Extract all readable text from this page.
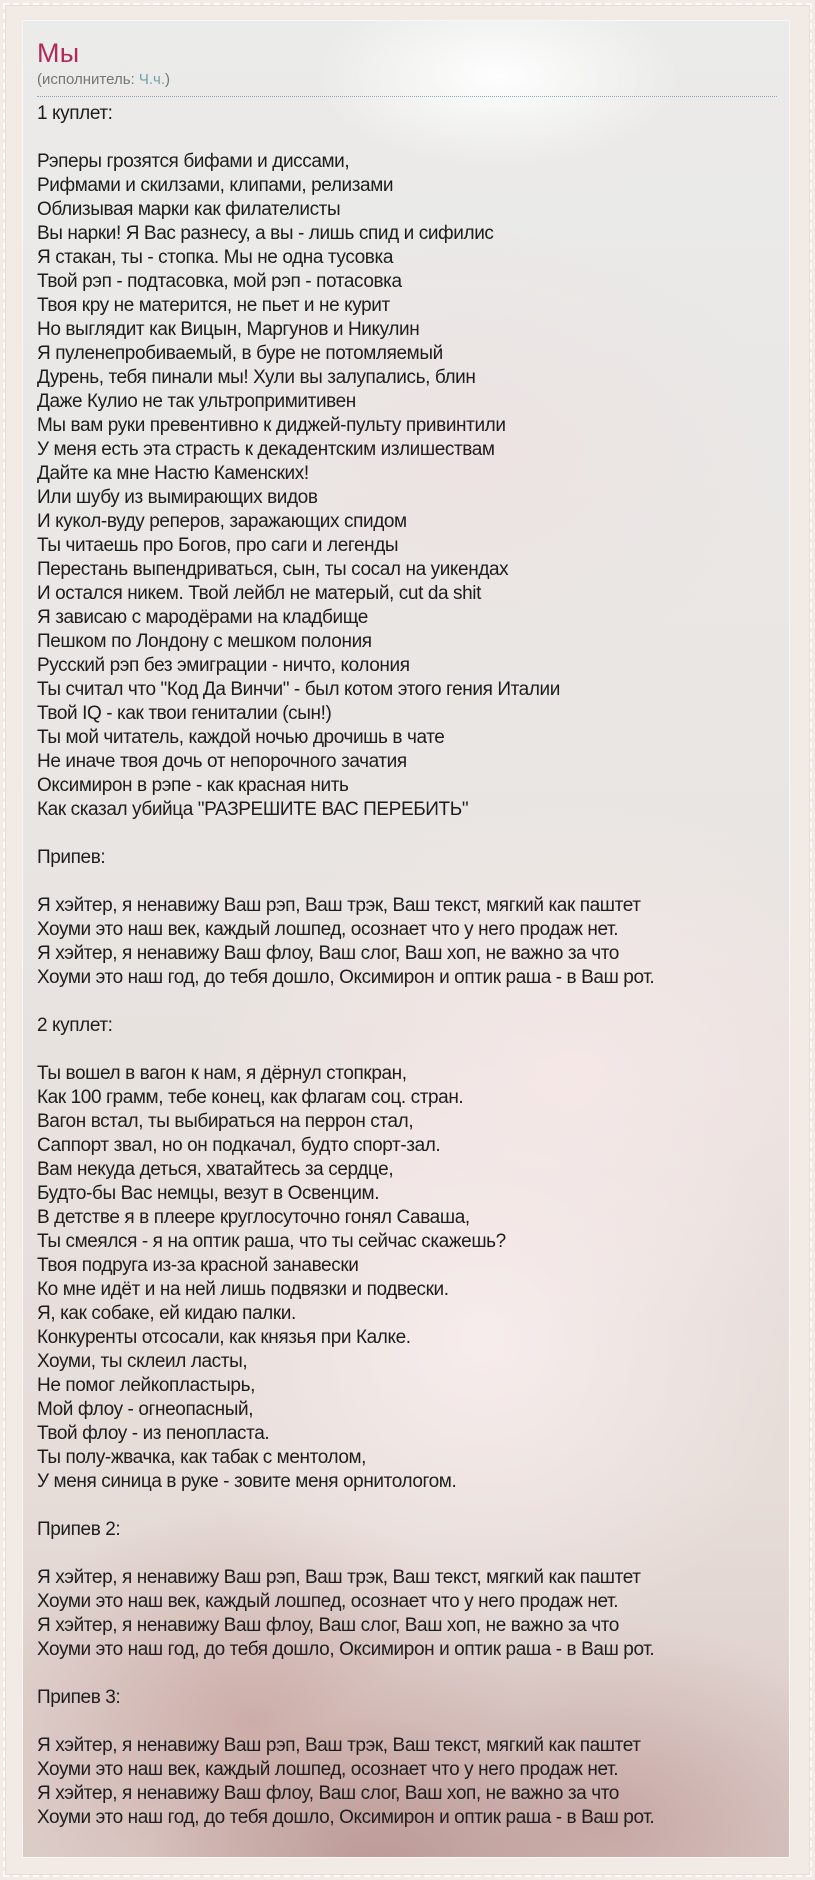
Мы
(исполнитель: Ч.ч.)
1 куплет:

Рэперы грозятся бифами и диссами,
Рифмами и скилзами, клипами, релизами
Облизывая марки как филателисты
Вы нарки! Я Вас разнесу, а вы - лишь спид и сифилис
Я стакан, ты - стопка. Мы не одна тусовка
Твой рэп - подтасовка, мой рэп - потасовка
Твоя кру не матерится, не пьет и не курит
Но выглядит как Вицын, Маргунов и Никулин
Я пуленепробиваемый, в буре не потомляемый
Дурень, тебя пинали мы! Хули вы залупались, блин
Даже Кулио не так ультропримитивен
Мы вам руки превентивно к диджей-пульту привинтили
У меня есть эта страсть к декадентским излишествам
Дайте ка мне Настю Каменских!
Или шубу из вымирающих видов
И кукол-вуду реперов, заражающих спидом
Ты читаешь про Богов, про саги и легенды
Перестань выпендриваться, сын, ты сосал на уикендах
И остался никем. Твой лейбл не матерый, cut da shit
Я зависаю с мародёрами на кладбище
Пешком по Лондону с мешком полония
Русский рэп без эмиграции - ничто, колония
Ты считал что "Код Да Винчи" - был котом этого гения Италии
Твой IQ - как твои гениталии (сын!)
Ты мой читатель, каждой ночью дрочишь в чате
Не иначе твоя дочь от непорочного зачатия
Оксимирон в рэпе - как красная нить
Как сказал убийца "РАЗРЕШИТЕ ВАС ПЕРЕБИТЬ"

Припев:

Я хэйтер, я ненавижу Ваш рэп, Ваш трэк, Ваш текст, мягкий как паштет
Хоуми это наш век, каждый лошпед, осознает что у него продаж нет.
Я хэйтер, я ненавижу Ваш флоу, Ваш слог, Ваш хоп, не важно за что
Хоуми это наш год, до тебя дошло, Оксимирон и оптик раша - в Ваш рот.

2 куплет:

Ты вошел в вагон к нам, я дёрнул стопкран,
Как 100 грамм, тебе конец, как флагам соц. стран.
Вагон встал, ты выбираться на перрон стал,
Саппорт звал, но он подкачал, будто спорт-зал.
Вам некуда деться, хватайтесь за сердце,
Будто-бы Вас немцы, везут в Освенцим.
В детстве я в плеере круглосуточно гонял Саваша,
Ты смеялся - я на оптик раша, что ты сейчас скажешь?
Твоя подруга из-за красной занавески
Ко мне идёт и на ней лишь подвязки и подвески.
Я, как собаке, ей кидаю палки.
Конкуренты отсосали, как князья при Калке.
Хоуми, ты склеил ласты,
Не помог лейкопластырь,
Мой флоу - огнеопасный,
Твой флоу - из пенопласта.
Ты полу-жвачка, как табак с ментолом,
У меня синица в руке - зовите меня орнитологом.

Припев 2:

Я хэйтер, я ненавижу Ваш рэп, Ваш трэк, Ваш текст, мягкий как паштет
Хоуми это наш век, каждый лошпед, осознает что у него продаж нет.
Я хэйтер, я ненавижу Ваш флоу, Ваш слог, Ваш хоп, не важно за что
Хоуми это наш год, до тебя дошло, Оксимирон и оптик раша - в Ваш рот.

Припев 3:

Я хэйтер, я ненавижу Ваш рэп, Ваш трэк, Ваш текст, мягкий как паштет
Хоуми это наш век, каждый лошпед, осознает что у него продаж нет.
Я хэйтер, я ненавижу Ваш флоу, Ваш слог, Ваш хоп, не важно за что
Хоуми это наш год, до тебя дошло, Оксимирон и оптик раша - в Ваш рот.
